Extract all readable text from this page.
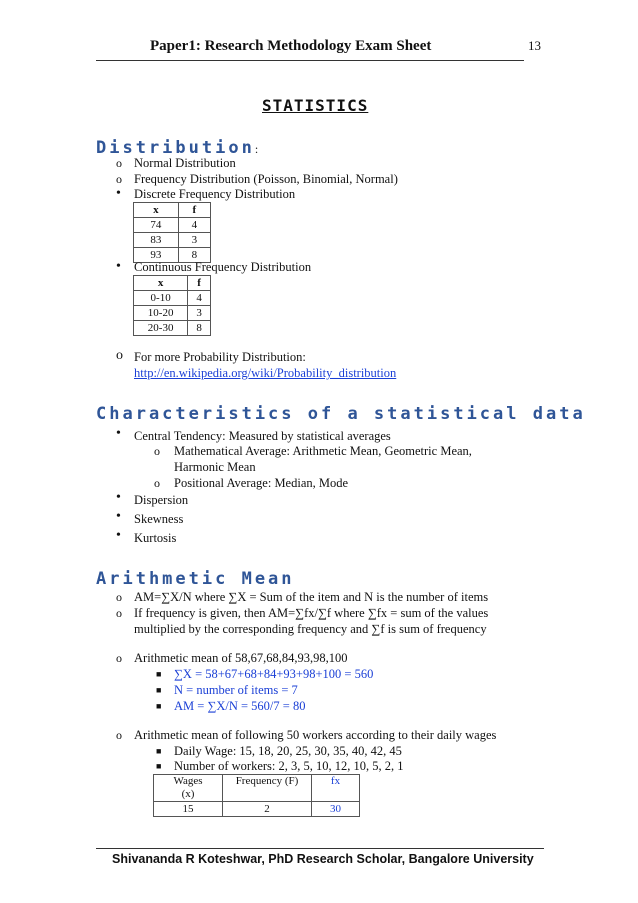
Paper1: Research Methodology Exam Sheet	13
STATISTICS
Distribution:
o Normal Distribution
o Frequency Distribution (Poisson, Binomial, Normal)
• Discrete Frequency Distribution
x	f
74	4
83	3
93	8
• Continuous Frequency Distribution
x	f
0-10	4
10-20	3
20-30	8
o For more Probability Distribution:
http://en.wikipedia.org/wiki/Probability_distribution
Characteristics of a statistical data
• Central Tendency: Measured by statistical averages
o Mathematical Average: Arithmetic Mean, Geometric Mean,
Harmonic Mean
o Positional Average: Median, Mode
• Dispersion
• Skewness
• Kurtosis
Arithmetic Mean
o AM=∑X/N where ∑X = Sum of the item and N is the number of items
o If frequency is given, then AM=∑fx/∑f where ∑fx = sum of the values
multiplied by the corresponding frequency and ∑f is sum of frequency
o Arithmetic mean of 58,67,68,84,93,98,100
■ ∑X = 58+67+68+84+93+98+100 = 560
■ N = number of items = 7
■ AM = ∑X/N = 560/7 = 80
o Arithmetic mean of following 50 workers according to their daily wages
■ Daily Wage: 15, 18, 20, 25, 30, 35, 40, 42, 45
■ Number of workers: 2, 3, 5, 10, 12, 10, 5, 2, 1
Wages
(x)	Frequency (F)	fx
15	2	30
Shivananda R Koteshwar, PhD Research Scholar, Bangalore University
